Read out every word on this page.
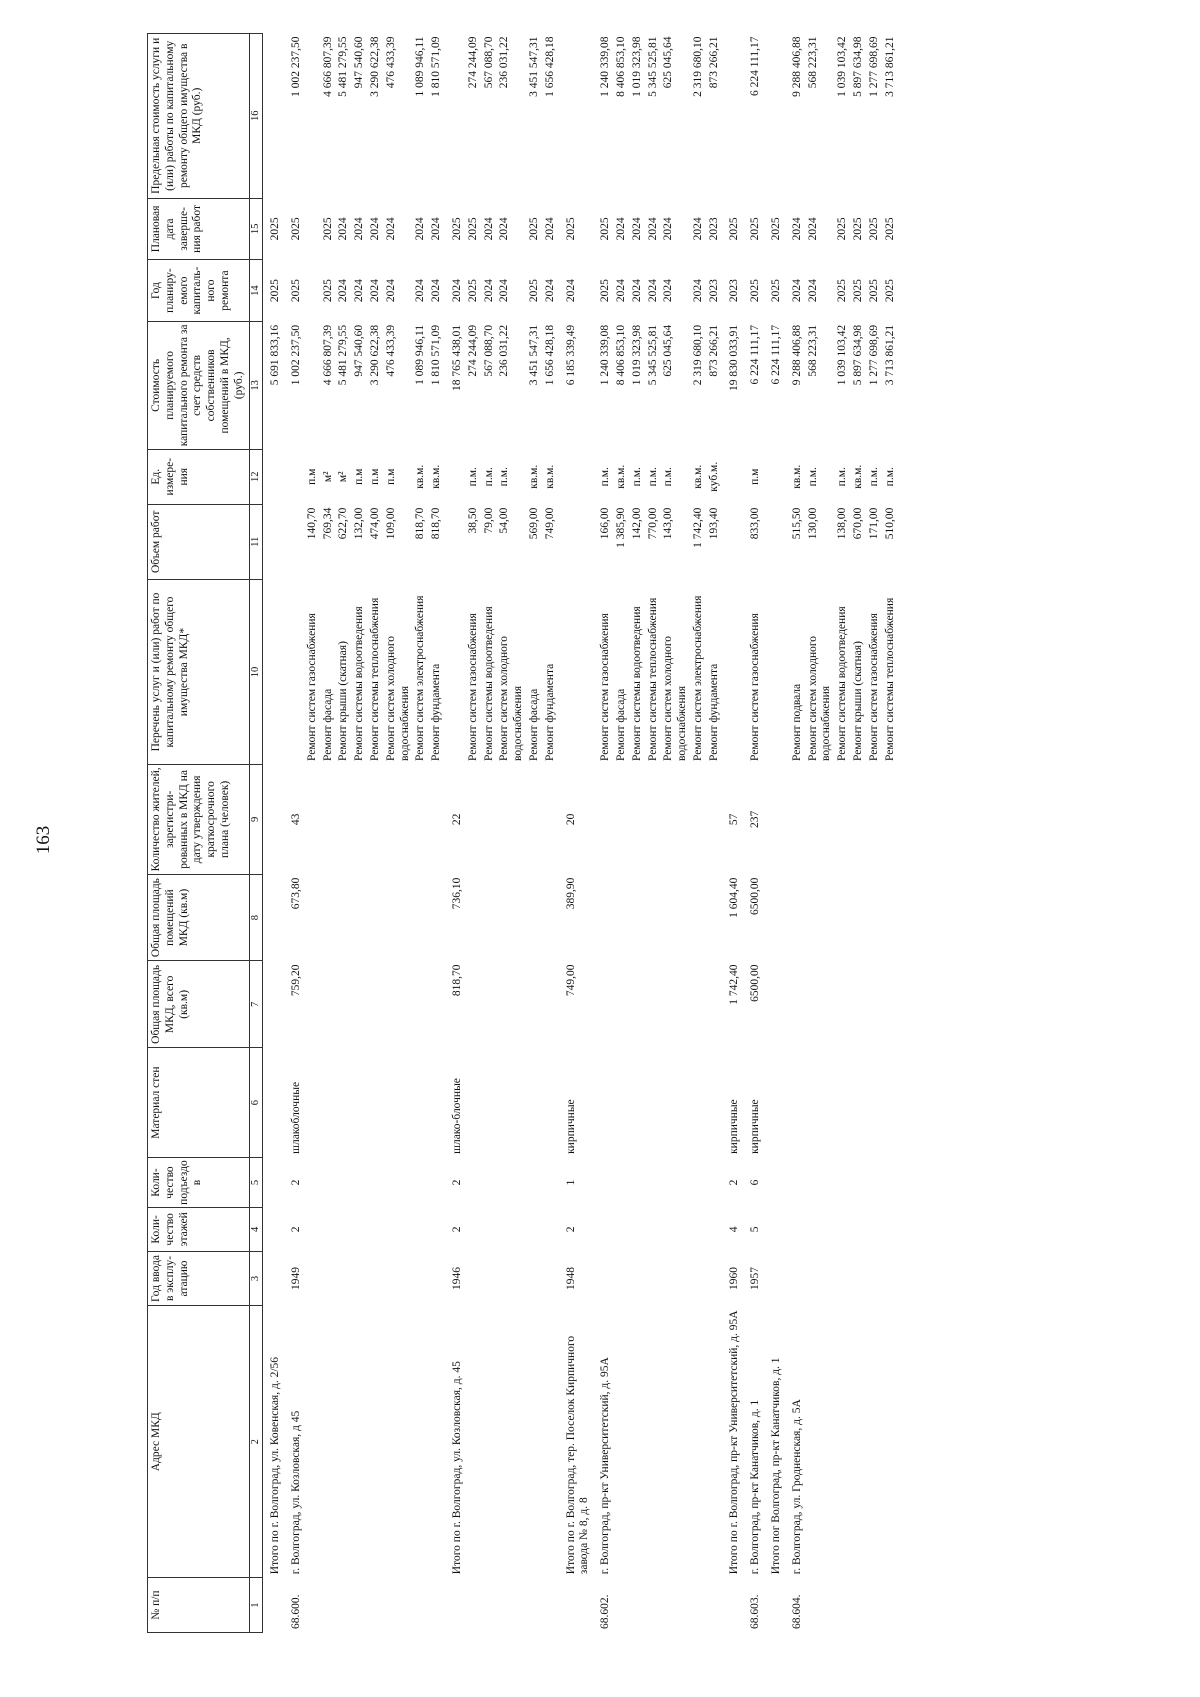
163
№ п/п	Адрес МКД	Год ввода в эксплу-атацию	Коли-чество этажей	Коли-чество подъездо в	Материал стен	Общая площадь МКД, всего (кв.м)	Общая площадь помещений МКД (кв.м)	Количество жителей, зарегистри-рованных в МКД на дату утверждения краткосрочного плана (человек)	Перечень услуг и (или) работ по капитальному ремонту общего имущества МКД*	Объем работ	Ед. измере-ния	Стоимость планируемого капитального ремонта за счет средств собственников помещений в МКД, (руб.)	Год планиру-емого капиталь-ного ремонта	Плановая дата заверше-ния работ	Предельная стоимость услуги и (или) работы по капитальному ремонту общего имущества в МКД (руб.)
1	2	3	4	5	6	7	8	9	10	11	12	13	14	15	16
	Итого по г. Волгоград, ул. Ковенская, д. 2/56											5 691 833,16	2025	2025	
68.600.	г. Волгоград, ул. Козловская, д 45	1949	2	2	шлакоблочные	759,20	673,80	43				1 002 237,50	2025	2025	1 002 237,50
									Ремонт систем газоснабжения	140,70	п.м				
									Ремонт фасада	769,34	м²	4 666 807,39	2025	2025	4 666 807,39
									Ремонт крыши (скатная)	622,70	м²	5 481 279,55	2024	2024	5 481 279,55
									Ремонт системы водоотведения	132,00	п.м	947 540,60	2024	2024	947 540,60
									Ремонт системы теплоснабжения	474,00	п.м	3 290 622,38	2024	2024	3 290 622,38
									Ремонт систем холодного водоснабжения	109,00	п.м	476 433,39	2024	2024	476 433,39
									Ремонт систем электроснабжения	818,70	кв.м.	1 089 946,11	2024	2024	1 089 946,11
									Ремонт фундамента	818,70	кв.м.	1 810 571,09	2024	2024	1 810 571,09
	Итого по г. Волгоград, ул. Козловская, д. 45	1946	2	2	шлако-блочные	818,70	736,10	22				18 765 438,01	2024	2025	
									Ремонт систем газоснабжения	38,50	п.м.	274 244,09	2025	2025	274 244,09
									Ремонт системы водоотведения	79,00	п.м.	567 088,70	2024	2024	567 088,70
									Ремонт систем холодного водоснабжения	54,00	п.м.	236 031,22	2024	2024	236 031,22
									Ремонт фасада	569,00	кв.м.	3 451 547,31	2025	2025	3 451 547,31
									Ремонт фундамента	749,00	кв.м.	1 656 428,18	2024	2024	1 656 428,18
	Итого по г. Волгоград, тер. Поселок Кирпичного завода № 8, д. 8	1948	2	1	кирпичные	749,00	389,90	20				6 185 339,49	2024	2025	
68.602.	г. Волгоград, пр-кт Университетский, д. 95А								Ремонт систем газоснабжения	166,00	п.м.	1 240 339,08	2025	2025	1 240 339,08
									Ремонт фасада	1 385,90	кв.м.	8 406 853,10	2024	2024	8 406 853,10
									Ремонт системы водоотведения	142,00	п.м.	1 019 323,98	2024	2024	1 019 323,98
									Ремонт системы теплоснабжения	770,00	п.м.	5 345 525,81	2024	2024	5 345 525,81
									Ремонт систем холодного водоснабжения	143,00	п.м.	625 045,64	2024	2024	625 045,64
									Ремонт систем электроснабжения	1 742,40	кв.м.	2 319 680,10	2024	2024	2 319 680,10
									Ремонт фундамента	193,40	куб.м.	873 266,21	2023	2023	873 266,21
	Итого по г. Волгоград, пр-кт Университетский, д. 95А	1960	4	2	кирпичные	1 742,40	1 604,40	57				19 830 033,91	2023	2025	
68.603.	г. Волгоград, пр-кт Канатчиков, д. 1	1957	5	6	кирпичные	6500,00	6500,00	237	Ремонт систем газоснабжения	833,00	п.м	6 224 111,17	2025	2025	6 224 111,17
	Итого пог Волгоград, пр-кт Канатчиков, д. 1											6 224 111,17	2025	2025	
68.604.	г. Волгоград, ул. Гродненская, д. 5А								Ремонт подвала	515,50	кв.м.	9 288 406,88	2024	2024	9 288 406,88
									Ремонт систем холодного водоснабжения	130,00	п.м.	568 223,31	2024	2024	568 223,31
									Ремонт системы водоотведения	138,00	п.м.	1 039 103,42	2025	2025	1 039 103,42
									Ремонт крыши (скатная)	670,00	кв.м.	5 897 634,98	2025	2025	5 897 634,98
									Ремонт систем газоснабжения	171,00	п.м.	1 277 698,69	2025	2025	1 277 698,69
									Ремонт системы теплоснабжения	510,00	п.м.	3 713 861,21	2025	2025	3 713 861,21
